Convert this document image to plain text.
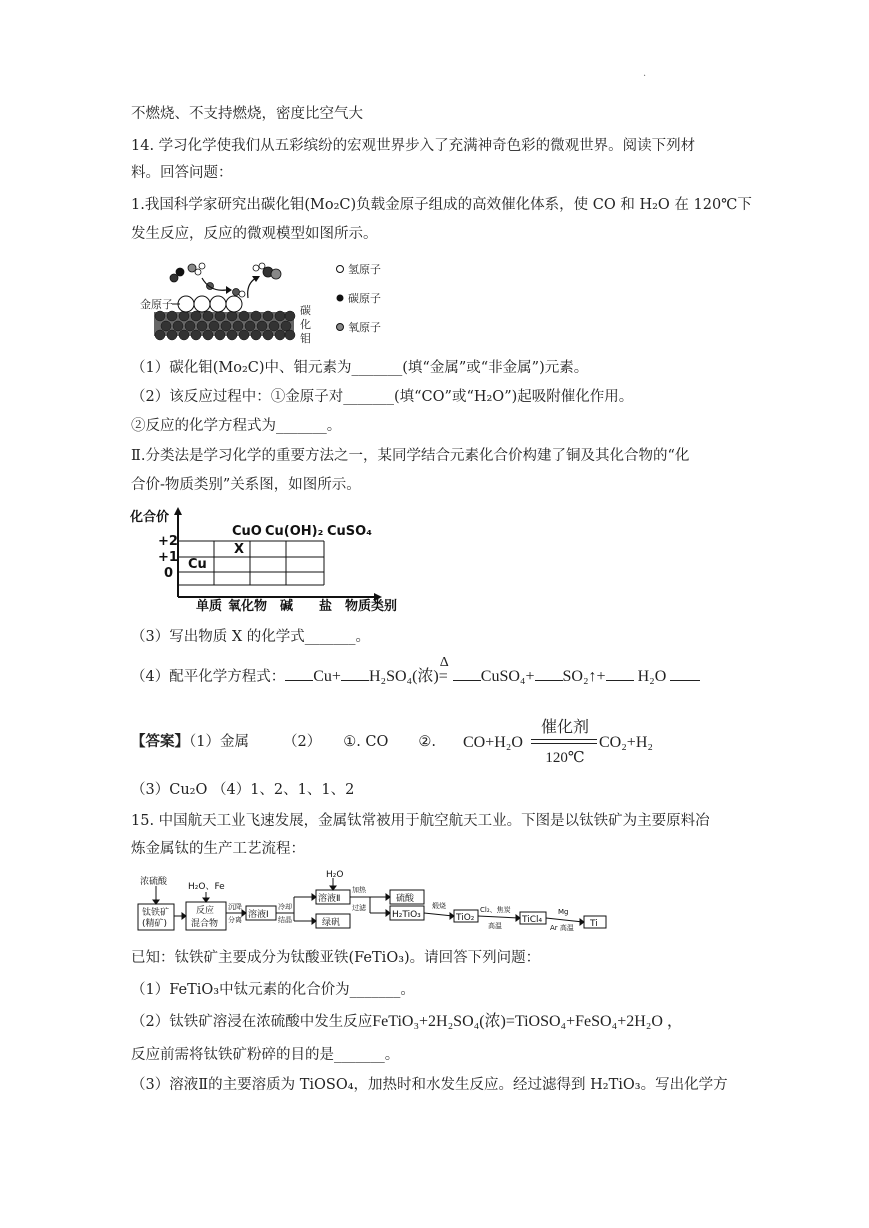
·
不燃烧、不支持燃烧，密度比空气大
14. 学习化学使我们从五彩缤纷的宏观世界步入了充满神奇色彩的微观世界。阅读下列材
料。回答问题：
1.我国科学家研究出碳化钼(Mo₂C)负载金原子组成的高效催化体系，使 CO 和 H₂O 在 120℃下
发生反应，反应的微观模型如图所示。
金原子	碳
化
钼
氢原子
碳原子
氧原子
（1）碳化钼(Mo₂C)中、钼元素为_______(填“金属”或“非金属”)元素。
（2）该反应过程中：①金原子对_______(填“CO”或“H₂O”)起吸附催化作用。
②反应的化学方程式为_______。
Ⅱ.分类法是学习化学的重要方法之一，某同学结合元素化合价构建了铜及其化合物的“化
合价-物质类别”关系图，如图所示。
化合价
+2
+1
0
CuO Cu(OH)₂ CuSO₄
X
Cu
单质 氧化物 碱 盐 物质类别
（3）写出物质 X 的化学式_______。
（4）配平化学方程式： Cu+ H₂SO₄(浓)
Δ
= CuSO₄+ SO₂↑+ H₂O
【答案】（1）金属 （2） ①. CO ②. CO+H₂O
催化剂
120℃
CO₂+H₂
（3）Cu₂O （4）1、2、1、1、2
15. 中国航天工业飞速发展，金属钛常被用于航空航天工业。下图是以钛铁矿为主要原料冶
炼金属钛的生产工艺流程：
浓硫酸 H₂O、Fe
钛铁矿
(精矿)
反应
混合物
沉降
分离 溶液Ⅰ
冷却
结晶
H₂O
溶液Ⅱ
绿矾
加热
过滤
硫酸
H₂TiO₃
煅烧
TiO₂
Cl₂、焦炭
高温
TiCl₄
Mg
Ar 高温 Ti
已知：钛铁矿主要成分为钛酸亚铁(FeTiO₃)。请回答下列问题：
（1）FeTiO₃中钛元素的化合价为_______。
（2）钛铁矿溶浸在浓硫酸中发生反应FeTiO₃+2H₂SO₄(浓)=TiOSO₄+FeSO₄+2H₂O ，
反应前需将钛铁矿粉碎的目的是_______。
（3）溶液Ⅱ的主要溶质为 TiOSO₄，加热时和水发生反应。经过滤得到 H₂TiO₃。写出化学方
